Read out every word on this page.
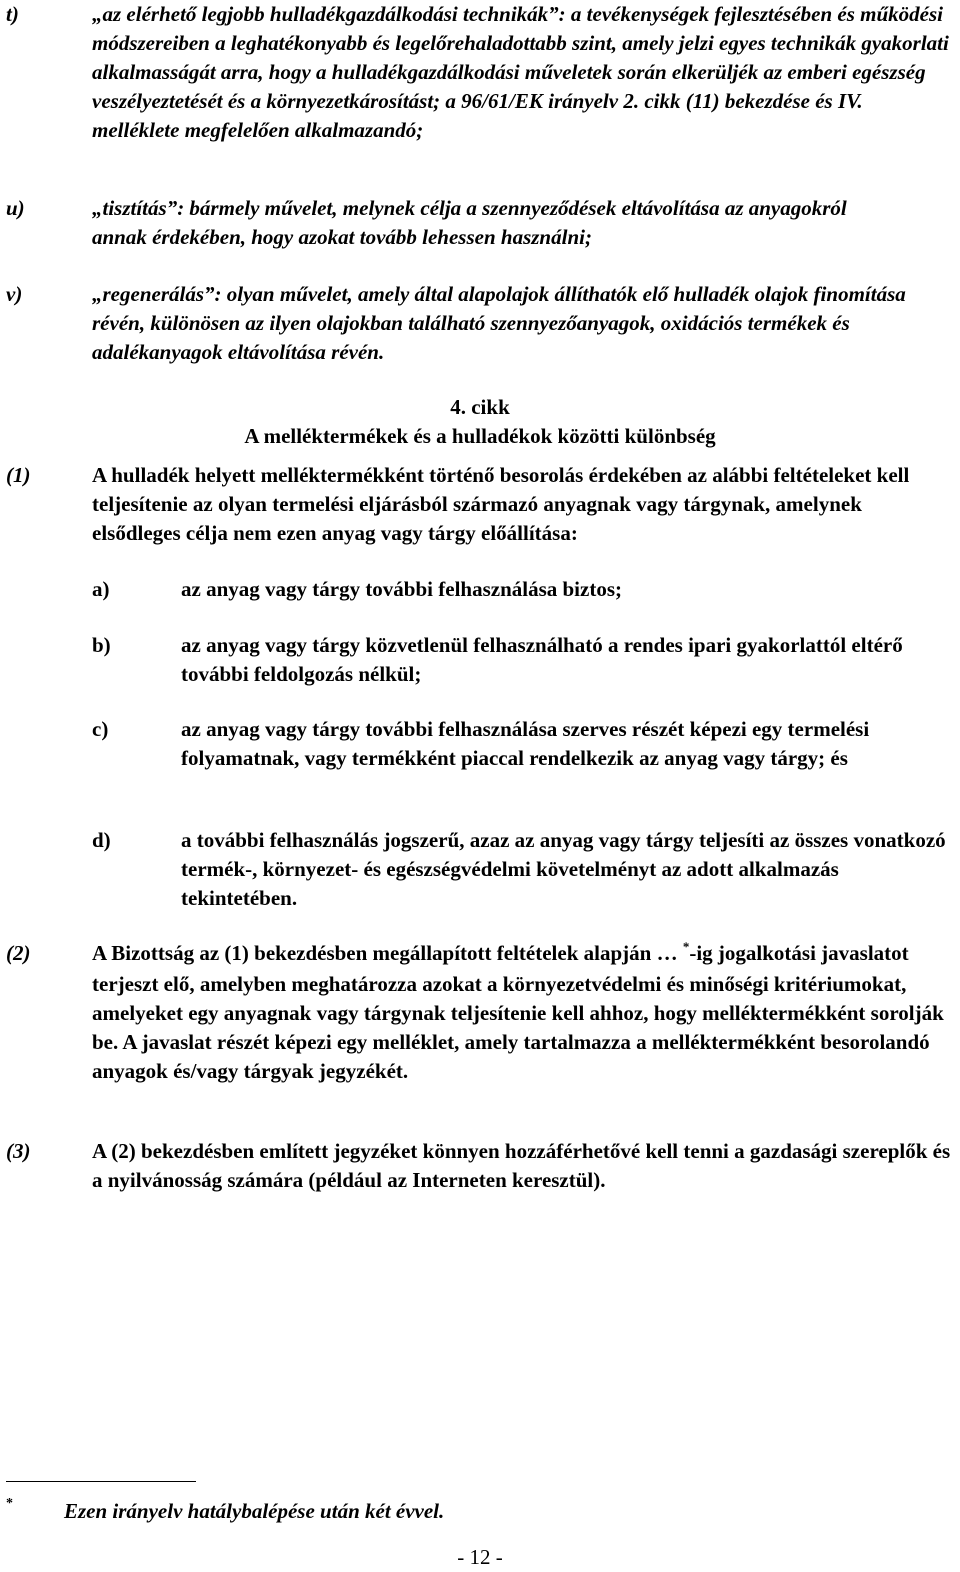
t)	„az elérhető legjobb hulladékgazdálkodási technikák”: a tevékenységek fejlesztésében és működési módszereiben a leghatékonyabb és legelőrehaladottabb szint, amely jelzi egyes technikák gyakorlati alkalmasságát arra, hogy a hulladékgazdálkodási műveletek során elkerüljék az emberi egészség veszélyeztetését és a környezetkárosítást; a 96/61/EK irányelv 2. cikk (11) bekezdése és IV. melléklete megfelelően alkalmazandó;
u)	„tisztítás”: bármely művelet, melynek célja a szennyeződések eltávolítása az anyagokról annak érdekében, hogy azokat tovább lehessen használni;
v)	„regenerálás”: olyan művelet, amely által alapolajok állíthatók elő hulladék olajok finomítása révén, különösen az ilyen olajokban található szennyezőanyagok, oxidációs termékek és adalékanyagok eltávolítása révén.
4. cikk
A melléktermékek és a hulladékok közötti különbség
(1)	A hulladék helyett melléktermékként történő besorolás érdekében az alábbi feltételeket kell teljesítenie az olyan termelési eljárásból származó anyagnak vagy tárgynak, amelynek elsődleges célja nem ezen anyag vagy tárgy előállítása:
a)	az anyag vagy tárgy további felhasználása biztos;
b)	az anyag vagy tárgy közvetlenül felhasználható a rendes ipari gyakorlattól eltérő további feldolgozás nélkül;
c)	az anyag vagy tárgy további felhasználása szerves részét képezi egy termelési folyamatnak, vagy termékként piaccal rendelkezik az anyag vagy tárgy; és
d)	a további felhasználás jogszerű, azaz az anyag vagy tárgy teljesíti az összes vonatkozó termék-, környezet- és egészségvédelmi követelményt az adott alkalmazás tekintetében.
(2)	A Bizottság az (1) bekezdésben megállapított feltételek alapján … *-ig jogalkotási javaslatot terjeszt elő, amelyben meghatározza azokat a környezetvédelmi és minőségi kritériumokat, amelyeket egy anyagnak vagy tárgynak teljesítenie kell ahhoz, hogy melléktermékként sorolják be. A javaslat részét képezi egy melléklet, amely tartalmazza a melléktermékként besorolandó anyagok és/vagy tárgyak jegyzékét.
(3)	A (2) bekezdésben említett jegyzéket könnyen hozzáférhetővé kell tenni a gazdasági szereplők és a nyilvánosság számára (például az Interneten keresztül).
* Ezen irányelv hatálybalépése után két évvel.
- 12 -
